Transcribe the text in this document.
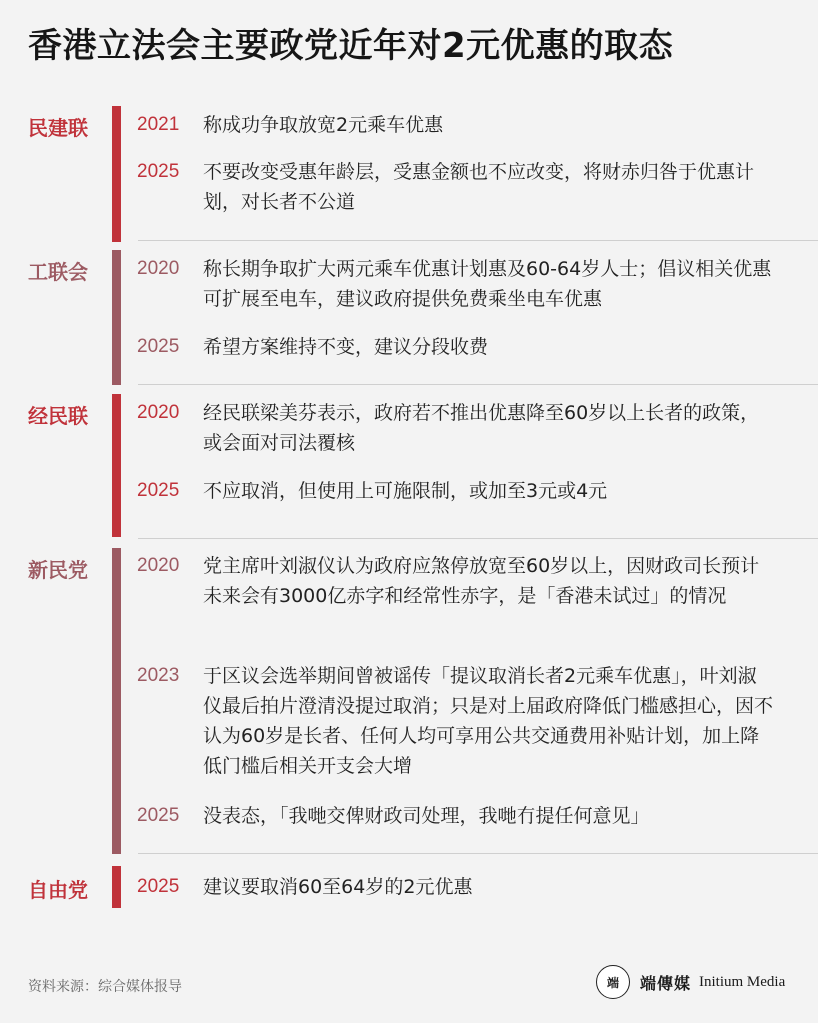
香港立法会主要政党近年对2元优惠的取态
民建联	2021 称成功争取放宽2元乘车优惠
2025 不要改变受惠年龄层，受惠金额也不应改变，将财赤归咎于优惠计划，对长者不公道
工联会	2020 称长期争取扩大两元乘车优惠计划惠及60-64岁人士；倡议相关优惠可扩展至电车，建议政府提供免费乘坐电车优惠
2025 希望方案维持不变，建议分段收费
经民联	2020 经民联梁美芬表示，政府若不推出优惠降至60岁以上长者的政策，或会面对司法覆核
2025 不应取消，但使用上可施限制，或加至3元或4元
新民党	2020 党主席叶刘淑仪认为政府应煞停放宽至60岁以上，因财政司长预计未来会有3000亿赤字和经常性赤字，是「香港未试过」的情况
2023 于区议会选举期间曾被谣传「提议取消长者2元乘车优惠」，叶刘淑仪最后拍片澄清没提过取消；只是对上届政府降低门槛感担心，因不认为60岁是长者、任何人均可享用公共交通费用补贴计划，加上降低门槛后相关开支会大增
2025 没表态，「我哋交俾财政司处理，我哋冇提任何意见」
自由党	2025 建议要取消60至64岁的2元优惠
资料来源：综合媒体报导	端	端傳媒 Initium Media
